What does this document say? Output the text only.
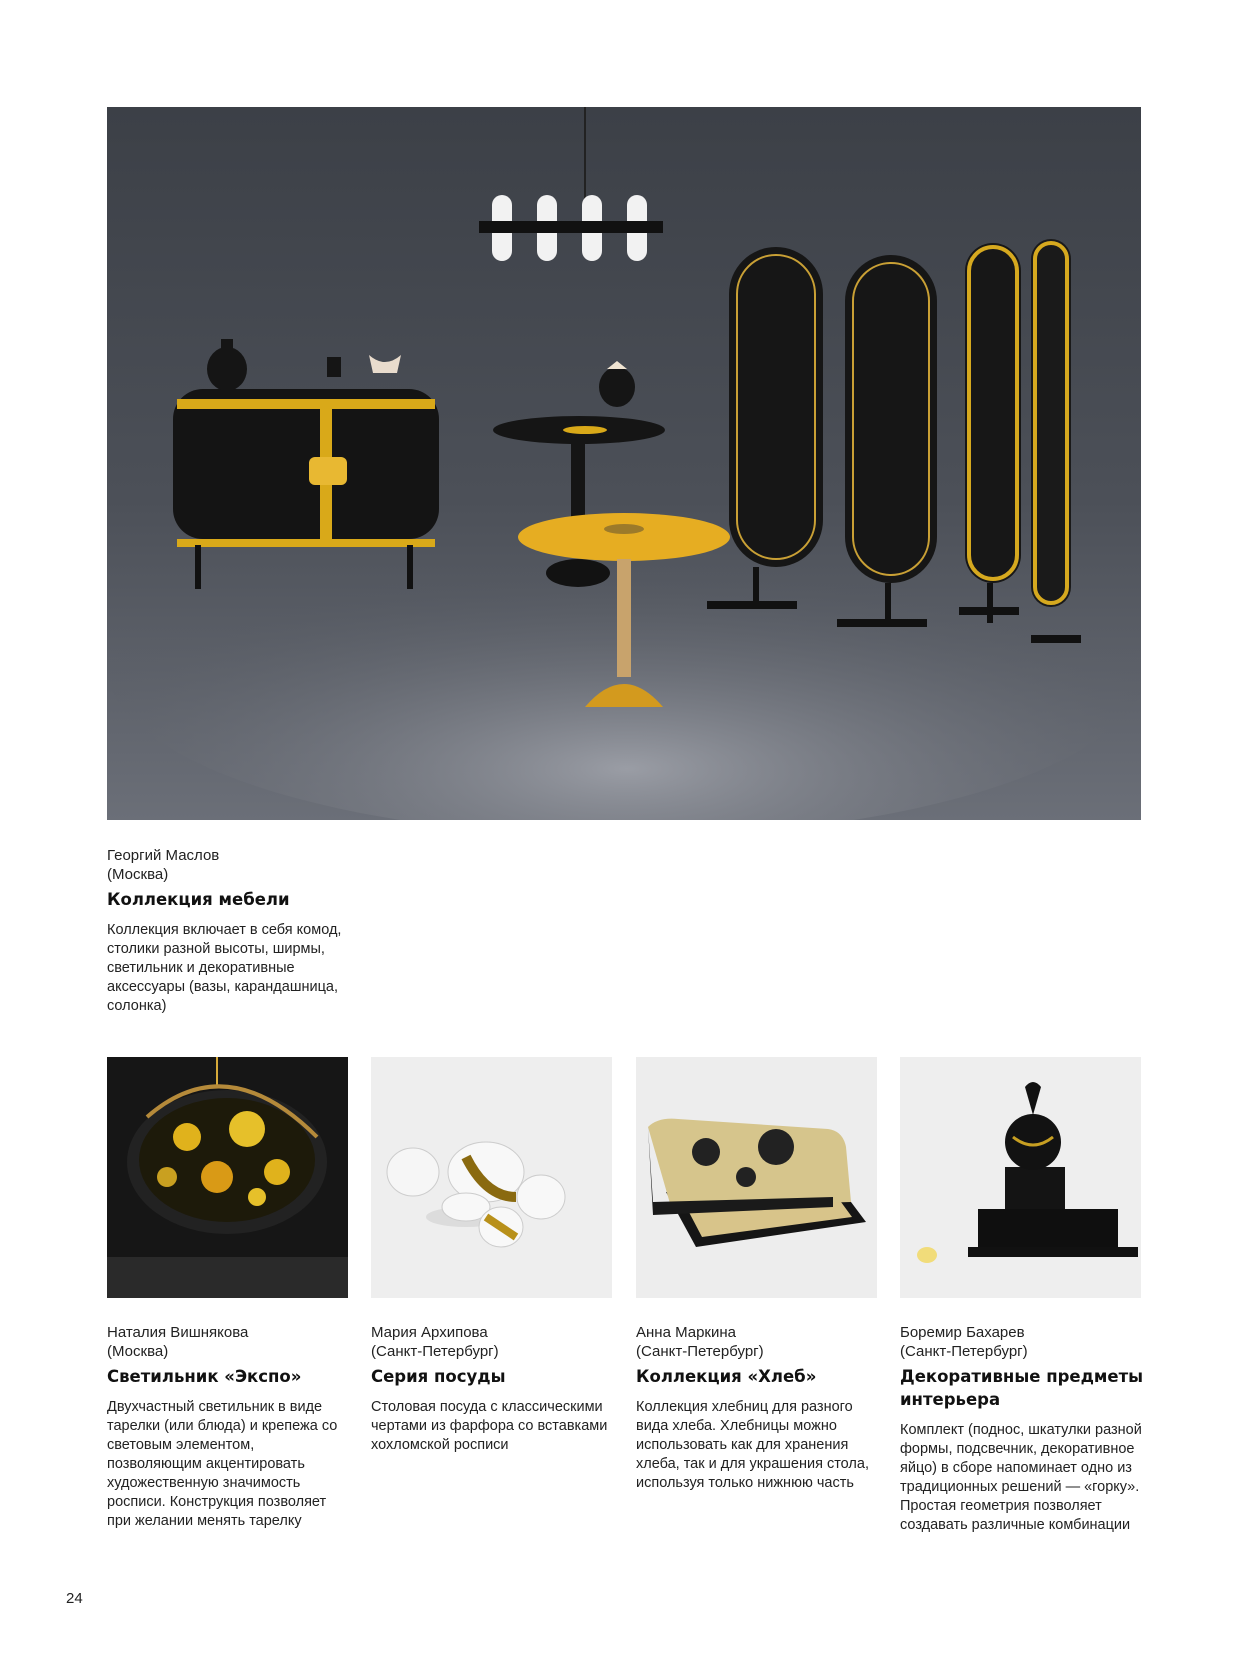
Георгий Маслов
(Москва)
Коллекция мебели
Коллекция включает в себя комод, столики разной высоты, ширмы, светильник и декоративные аксессуары (вазы, карандашница, солонка)
Наталия Вишнякова
(Москва)
Светильник «Экспо»
Двухчастный светильник в виде тарелки (или блюда) и крепежа со световым элементом, позволяющим акцентировать художественную значимость росписи. Конструкция позволяет при желании менять тарелку
Мария Архипова
(Санкт-Петербург)
Серия посуды
Столовая посуда с классическими чертами из фарфора со вставками хохломской росписи
Анна Маркина
(Санкт-Петербург)
Коллекция «Хлеб»
Коллекция хлебниц для разного вида хлеба. Хлебницы можно использовать как для хранения хлеба, так и для украшения стола, используя только нижнюю часть
Боремир Бахарев
(Санкт-Петербург)
Декоративные предметы интерьера
Комплект (поднос, шкатулки разной формы, подсвечник, декоративное яйцо) в сборе напоминает одно из традиционных решений — «горку». Простая геометрия позволяет создавать различные комбинации
24
